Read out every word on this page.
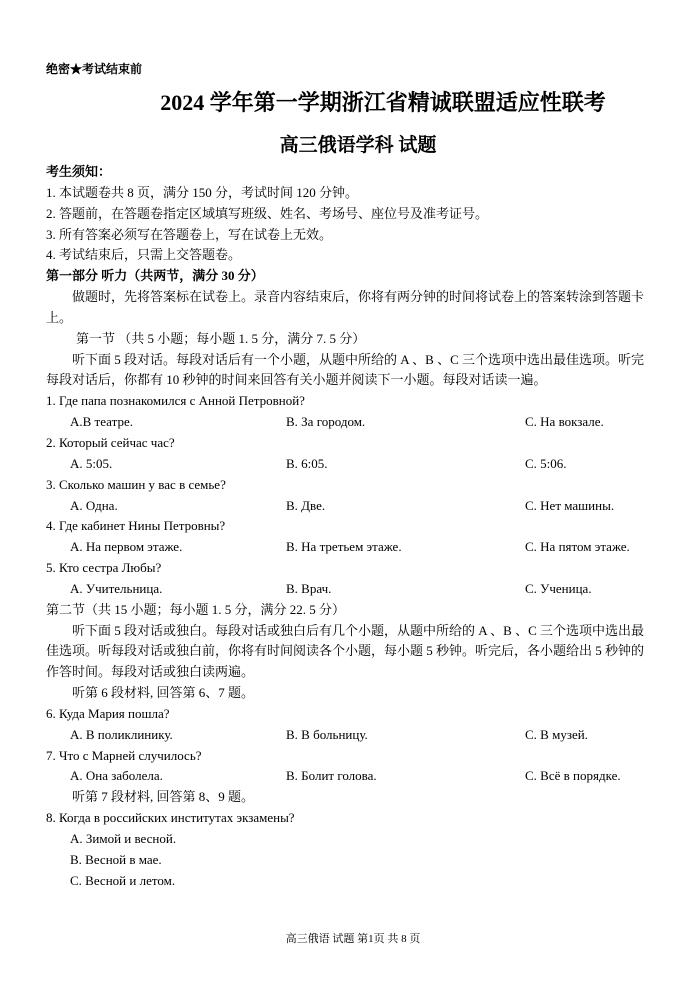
绝密★考试结束前
2024 学年第一学期浙江省精诚联盟适应性联考
高三俄语学科 试题
考生须知：
1. 本试题卷共 8 页，满分 150 分，考试时间 120 分钟。
2. 答题前，在答题卷指定区域填写班级、姓名、考场号、座位号及准考证号。
3. 所有答案必须写在答题卷上，写在试卷上无效。
4. 考试结束后，只需上交答题卷。
第一部分 听力（共两节，满分 30 分）
做题时，先将答案标在试卷上。录音内容结束后，你将有两分钟的时间将试卷上的答案转涂到答题卡上。
第一节 （共 5 小题；每小题 1. 5 分，满分 7. 5 分）
听下面 5 段对话。每段对话后有一个小题，从题中所给的 A 、B 、C 三个选项中选出最佳选项。听完每段对话后，你都有 10 秒钟的时间来回答有关小题并阅读下一小题。每段对话读一遍。
1. Где папа познакомился с Анной Петровной?
A.В театре.	B. За городом.	C. На вокзале.
2. Который сейчас час?
A. 5:05.	B. 6:05.	C. 5:06.
3. Сколько машин у вас в семье?
A. Одна.	B. Две.	C. Нет машины.
4. Где кабинет Нины Петровны?
A. На первом этаже.	B. На третьем этаже.	C. На пятом этаже.
5. Кто сестра Любы?
A. Учительница.	B. Врач.	C. Ученица.
第二节（共 15 小题；每小题 1. 5 分，满分 22. 5 分）
听下面 5 段对话或独白。每段对话或独白后有几个小题，从题中所给的 A 、B 、C 三个选项中选出最佳选项。听每段对话或独白前，你将有时间阅读各个小题，每小题 5 秒钟。听完后，各小题给出 5 秒钟的作答时间。每段对话或独白读两遍。
听第 6 段材料, 回答第 6、7 题。
6. Куда Мария пошла?
A. В поликлинику.	B. В больницу.	C. В музей.
7. Что с Марней случилось?
A. Она заболела.	B. Болит голова.	C. Всё в порядке.
听第 7 段材料, 回答第 8、9 题。
8. Когда в российских институтах экзамены?
A. Зимой и весной.
B. Весной в мае.
C. Весной и летом.
高三俄语 试题 第1页 共 8 页
